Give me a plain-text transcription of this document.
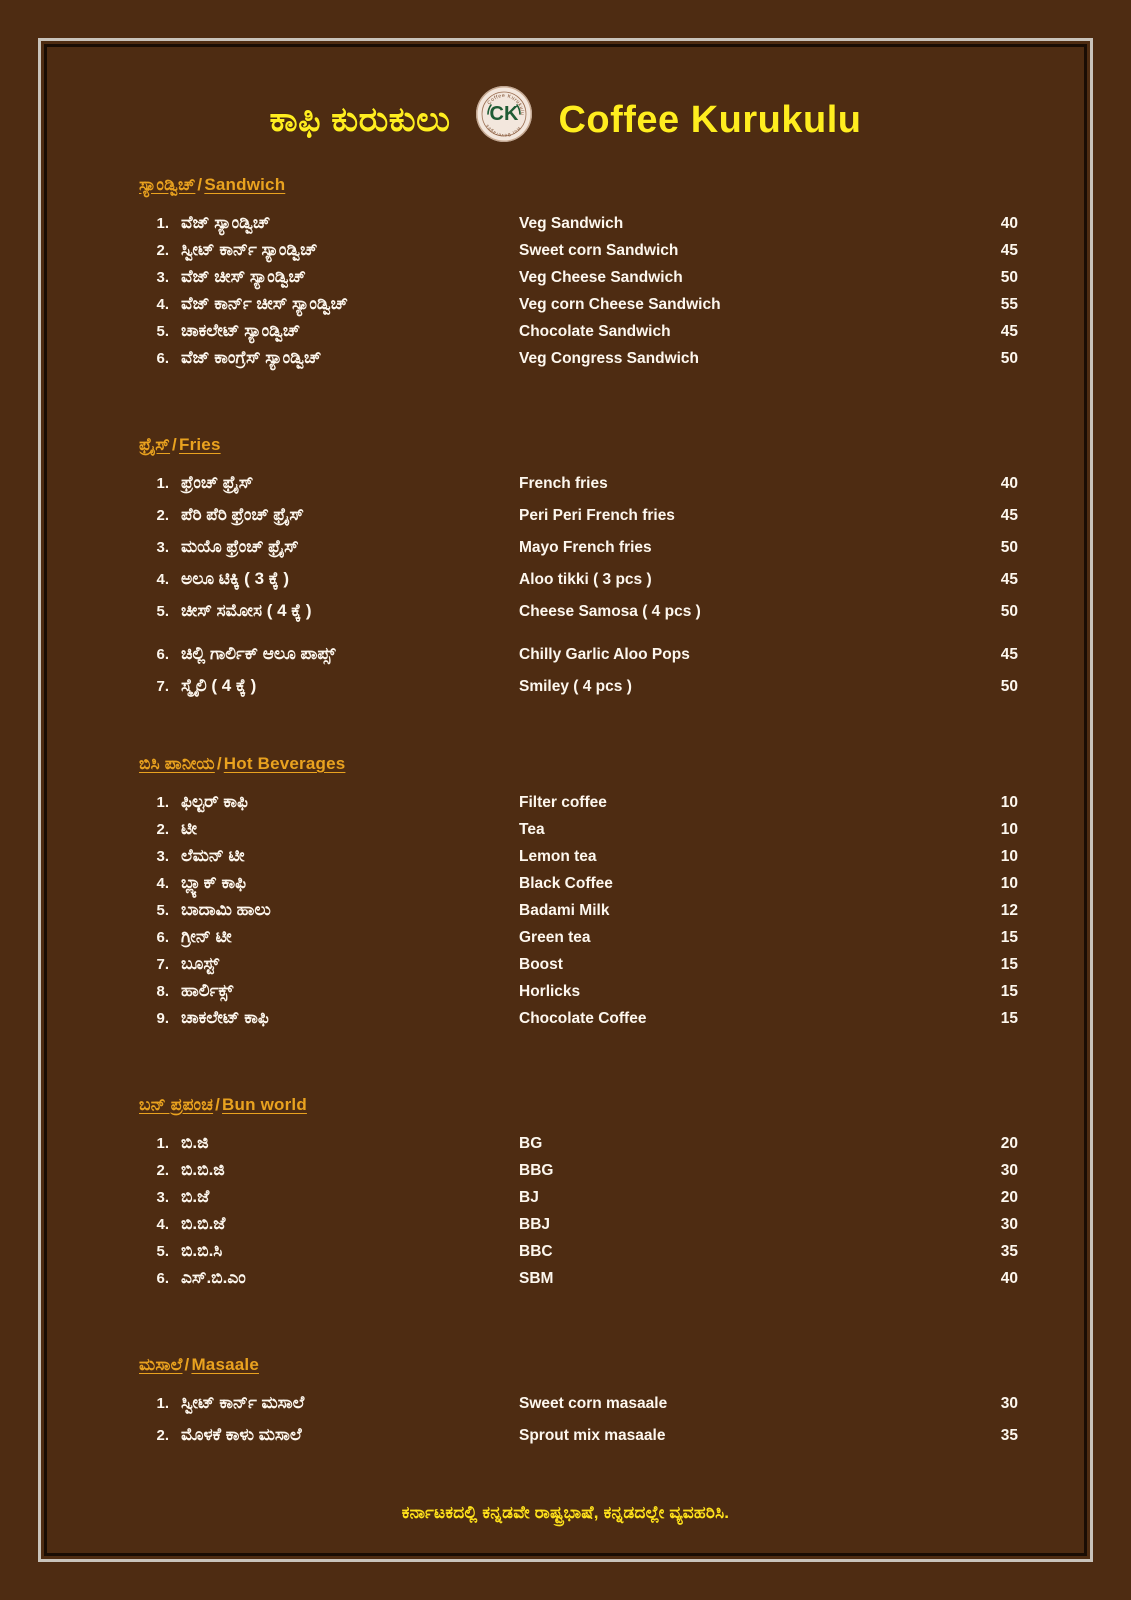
ಕಾಫಿ ಕುರುಕುಲು	Coffee Kurukulu
Hot Beverages
CK Coffee Kurukulu
ಸ್ಯಾಂಡ್ವಿಚ್ / Sandwich
1. ವೆಜ್ ಸ್ಯಾಂಡ್ವಿಚ್	Veg Sandwich	40
2. ಸ್ವೀಟ್ ಕಾರ್ನ್ ಸ್ಯಾಂಡ್ವಿಚ್	Sweet corn Sandwich	45
3. ವೆಜ್ ಚೀಸ್ ಸ್ಯಾಂಡ್ವಿಚ್	Veg Cheese Sandwich	50
4. ವೆಜ್ ಕಾರ್ನ್ ಚೀಸ್ ಸ್ಯಾಂಡ್ವಿಚ್	Veg corn Cheese Sandwich	55
5. ಚಾಕಲೇಟ್ ಸ್ಯಾಂಡ್ವಿಚ್	Chocolate Sandwich	45
6. ವೆಜ್ ಕಾಂಗ್ರೆಸ್ ಸ್ಯಾಂಡ್ವಿಚ್	Veg Congress Sandwich	50
ಫ್ರೈಸ್ / Fries
1. ಫ್ರೆಂಚ್ ಫ್ರೈಸ್	French fries	40
2. ಪೆರಿ ಪೆರಿ ಫ್ರೆಂಚ್ ಫ್ರೈಸ್	Peri Peri French fries	45
3. ಮಯೊ ಫ್ರೆಂಚ್ ಫ್ರೈಸ್	Mayo French fries	50
4. ಅಲೂ ಟಿಕ್ಕಿ ( 3 ಕ್ಕೆ )	Aloo tikki ( 3 pcs )	45
5. ಚೀಸ್ ಸಮೋಸ ( 4 ಕ್ಕೆ )	Cheese Samosa ( 4 pcs )	50
6. ಚಿಲ್ಲಿ ಗಾರ್ಲಿಕ್ ಆಲೂ ಪಾಪ್ಸ್	Chilly Garlic Aloo Pops	45
7. ಸ್ಮೈಲಿ ( 4 ಕ್ಕೆ )	Smiley ( 4 pcs )	50
ಬಿಸಿ ಪಾನೀಯ / Hot Beverages
1. ಫಿಲ್ಟರ್ ಕಾಫಿ	Filter coffee	10
2. ಟೀ	Tea	10
3. ಲೆಮನ್ ಟೀ	Lemon tea	10
4. ಬ್ಲ್ಯಾಕ್ ಕಾಫಿ	Black Coffee	10
5. ಬಾದಾಮಿ ಹಾಲು	Badami Milk	12
6. ಗ್ರೀನ್ ಟೀ	Green tea	15
7. ಬೂಸ್ಟ್	Boost	15
8. ಹಾರ್ಲಿಕ್ಸ್	Horlicks	15
9. ಚಾಕಲೇಟ್ ಕಾಫಿ	Chocolate Coffee	15
ಬನ್ ಪ್ರಪಂಚ / Bun world
1. ಬಿ.ಜಿ	BG	20
2. ಬಿ.ಬಿ.ಜಿ	BBG	30
3. ಬಿ.ಜೆ	BJ	20
4. ಬಿ.ಬಿ.ಜೆ	BBJ	30
5. ಬಿ.ಬಿ.ಸಿ	BBC	35
6. ಎಸ್.ಬಿ.ಎಂ	SBM	40
ಮಸಾಲೆ / Masaale
1. ಸ್ವೀಟ್ ಕಾರ್ನ್ ಮಸಾಲೆ	Sweet corn masaale	30
2. ಮೊಳಕೆ ಕಾಳು ಮಸಾಲೆ	Sprout mix masaale	35
ಕರ್ನಾಟಕದಲ್ಲಿ ಕನ್ನಡವೇ ರಾಷ್ಟ್ರಭಾಷೆ, ಕನ್ನಡದಲ್ಲೇ ವ್ಯವಹರಿಸಿ.
